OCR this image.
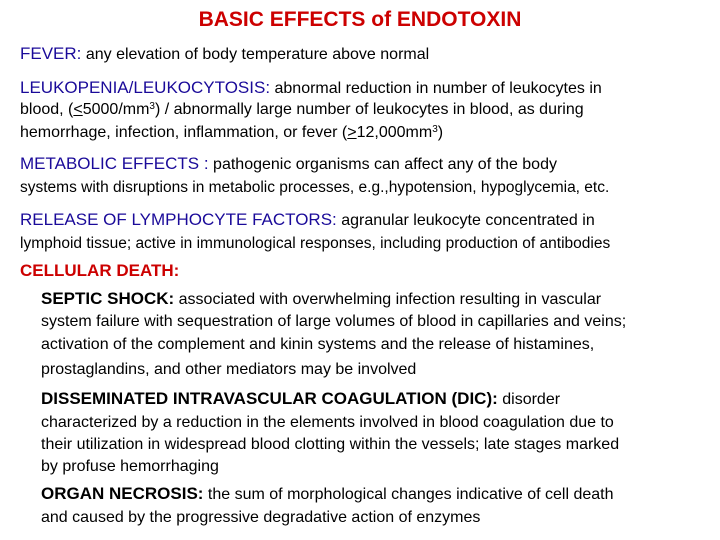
BASIC EFFECTS of ENDOTOXIN
FEVER: any elevation of body temperature above normal
LEUKOPENIA/LEUKOCYTOSIS: abnormal reduction in number of leukocytes in
blood, $(\le 5000/mm^3)$ / abnormally large number of leukocytes in blood, as during
hemorrhage, infection, inflammation, or fever $(\ge 12,000mm^3)$
METABOLIC EFFECTS : pathogenic organisms can affect any of the body
systems with disruptions in metabolic processes, e.g.,hypotension, hypoglycemia, etc.
RELEASE OF LYMPHOCYTE FACTORS: agranular leukocyte concentrated in
lymphoid tissue; active in immunological responses, including production of antibodies
CELLULAR DEATH:
SEPTIC SHOCK: associated with overwhelming infection resulting in vascular
system failure with sequestration of large volumes of blood in capillaries and veins;
activation of the complement and kinin systems and the release of histamines,
prostaglandins, and other mediators may be involved
DISSEMINATED INTRAVASCULAR COAGULATION (DIC): disorder
characterized by a reduction in the elements involved in blood coagulation due to
their utilization in widespread blood clotting within the vessels; late stages marked
by profuse hemorrhaging
ORGAN NECROSIS: the sum of morphological changes indicative of cell death
and caused by the progressive degradative action of enzymes
